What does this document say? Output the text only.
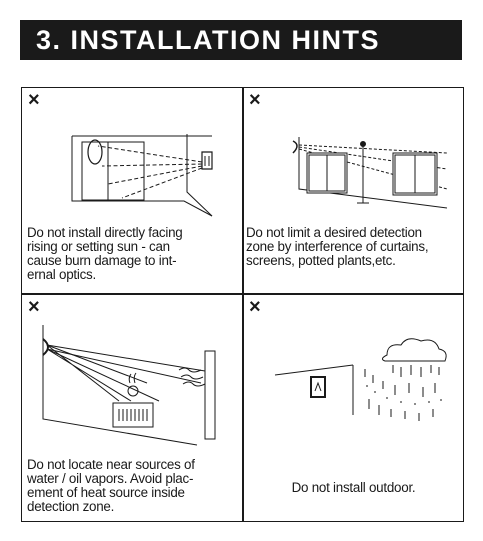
3. INSTALLATION HINTS
×
Do not install directly facing
rising or setting sun - can
cause burn damage to int-
ernal optics.
×
Do not limit a desired detection
zone by interference of curtains,
screens, potted plants,etc.
×
Do not locate near sources of
water / oil vapors. Avoid plac-
ement of heat source inside
detection zone.
×
Do not install outdoor.
